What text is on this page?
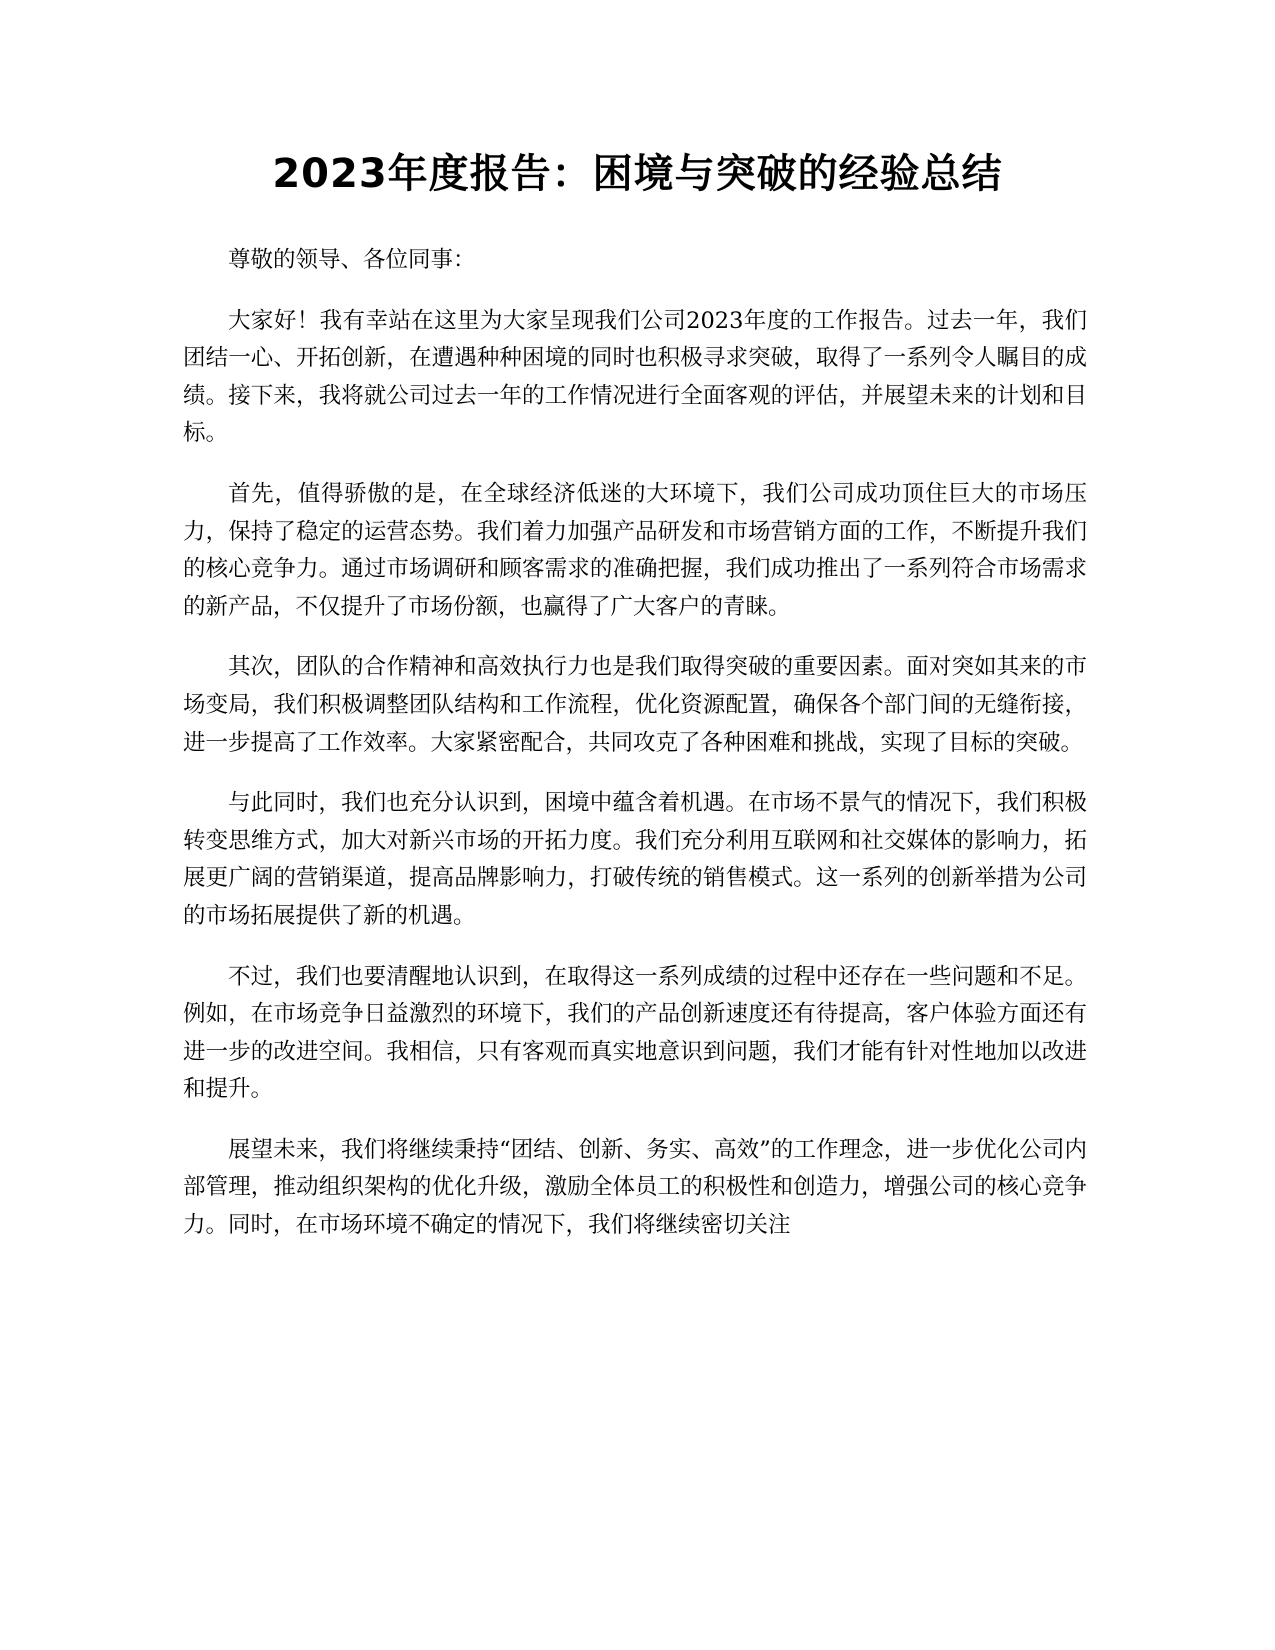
2023年度报告：困境与突破的经验总结

尊敬的领导、各位同事：

大家好！我有幸站在这里为大家呈现我们公司2023年度的工作报告。过去一年，我们团结一心、开拓创新，在遭遇种种困境的同时也积极寻求突破，取得了一系列令人瞩目的成绩。接下来，我将就公司过去一年的工作情况进行全面客观的评估，并展望未来的计划和目标。

首先，值得骄傲的是，在全球经济低迷的大环境下，我们公司成功顶住巨大的市场压力，保持了稳定的运营态势。我们着力加强产品研发和市场营销方面的工作，不断提升我们的核心竞争力。通过市场调研和顾客需求的准确把握，我们成功推出了一系列符合市场需求的新产品，不仅提升了市场份额，也赢得了广大客户的青睐。

其次，团队的合作精神和高效执行力也是我们取得突破的重要因素。面对突如其来的市场变局，我们积极调整团队结构和工作流程，优化资源配置，确保各个部门间的无缝衔接，进一步提高了工作效率。大家紧密配合，共同攻克了各种困难和挑战，实现了目标的突破。

与此同时，我们也充分认识到，困境中蕴含着机遇。在市场不景气的情况下，我们积极转变思维方式，加大对新兴市场的开拓力度。我们充分利用互联网和社交媒体的影响力，拓展更广阔的营销渠道，提高品牌影响力，打破传统的销售模式。这一系列的创新举措为公司的市场拓展提供了新的机遇。

不过，我们也要清醒地认识到，在取得这一系列成绩的过程中还存在一些问题和不足。例如，在市场竞争日益激烈的环境下，我们的产品创新速度还有待提高，客户体验方面还有进一步的改进空间。我相信，只有客观而真实地意识到问题，我们才能有针对性地加以改进和提升。

展望未来，我们将继续秉持“团结、创新、务实、高效”的工作理念，进一步优化公司内部管理，推动组织架构的优化升级，激励全体员工的积极性和创造力，增强公司的核心竞争力。同时，在市场环境不确定的情况下，我们将继续密切关注
